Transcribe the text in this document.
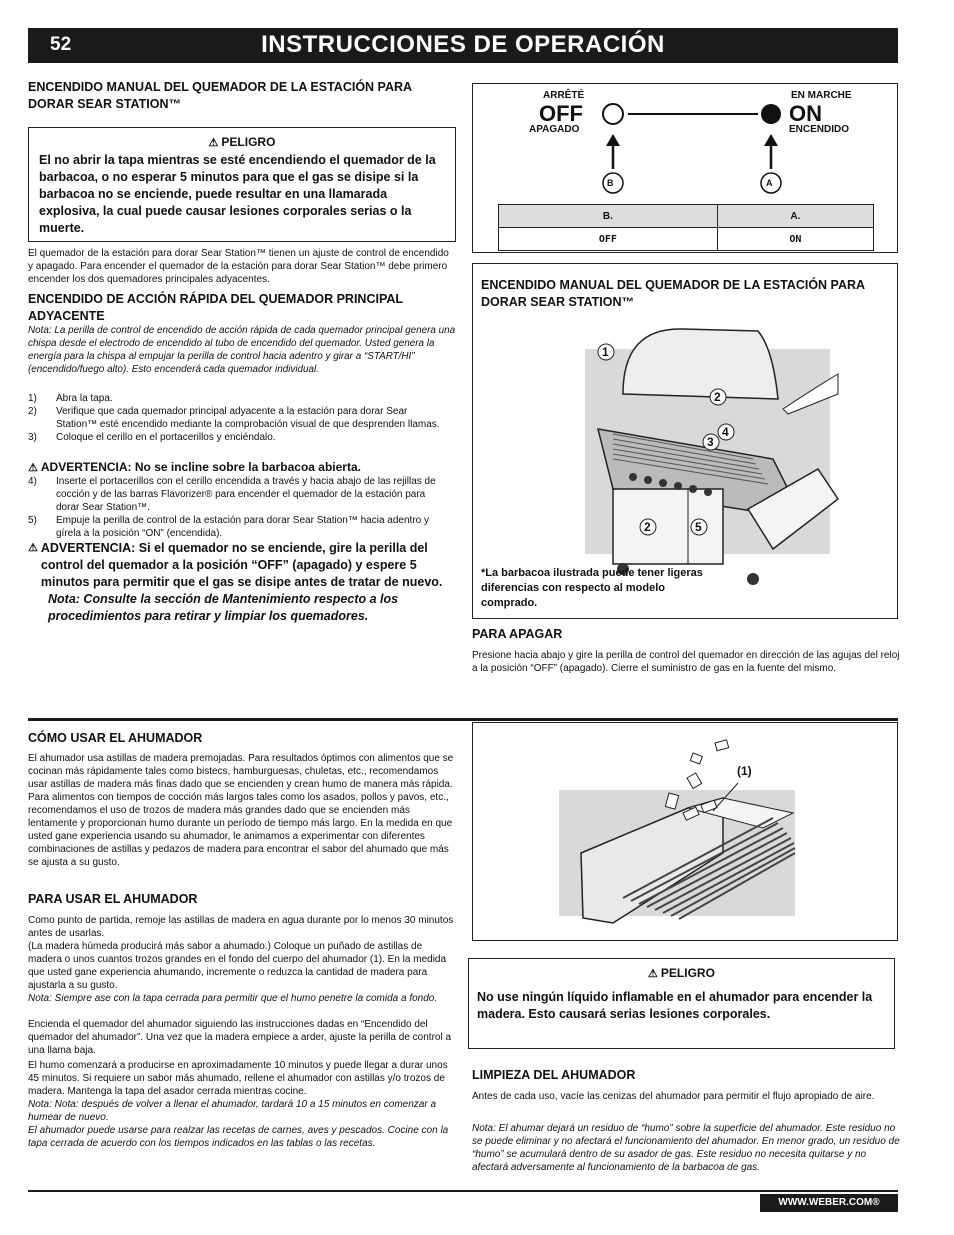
52	INSTRUCCIONES DE OPERACIÓN
ENCENDIDO MANUAL DEL QUEMADOR DE LA ESTACIÓN PARA DORAR SEAR STATION™
⚠ PELIGRO
El no abrir la tapa mientras se esté encendiendo el quemador de la barbacoa, o no esperar 5 minutos para que el gas se disipe si la barbacoa no se enciende, puede resultar en una llamarada explosiva, la cual puede causar lesiones corporales serias o la muerte.
El quemador de la estación para dorar Sear Station™ tienen un ajuste de control de encendido y apagado. Para encender el quemador de la estación para dorar Sear Station™ debe primero encender los dos quemadores principales adyacentes.
ENCENDIDO DE ACCIÓN RÁPIDA DEL QUEMADOR PRINCIPAL ADYACENTE
Nota: La perilla de control de encendido de acción rápida de cada quemador principal genera una chispa desde el electrodo de encendido al tubo de encendido del quemador. Usted genera la energía para la chispa al empujar la perilla de control hacia adentro y girar a “START/HI” (encendido/fuego alto). Esto encenderá cada quemador individual.
1)	Abra la tapa.
2)	Verifique que cada quemador principal adyacente a la estación para dorar Sear Station™ esté encendido mediante la comprobación visual de que desprenden llamas.
3)	Coloque el cerillo en el portacerillos y enciéndalo.
⚠ ADVERTENCIA: No se incline sobre la barbacoa abierta.
4)	Inserte el portacerillos con el cerillo encendida a través y hacia abajo de las rejillas de cocción y de las barras Flavorizer® para encender el quemador de la estación para dorar Sear Station™.
5)	Empuje la perilla de control de la estación para dorar Sear Station™ hacia adentro y gírela a la posición “ON” (encendida).
⚠ ADVERTENCIA: Si el quemador no se enciende, gire la perilla del control del quemador a la posición “OFF” (apagado) y espere 5 minutos para permitir que el gas se disipe antes de tratar de nuevo.
Nota: Consulte la sección de Mantenimiento respecto a los procedimientos para retirar y limpiar los quemadores.
ARRÊTÉ
OFF
APAGADO
EN MARCHE
ON
ENCENDIDO
B	A
B.	A.
OFF	ON
ENCENDIDO MANUAL DEL QUEMADOR DE LA ESTACIÓN PARA DORAR SEAR STATION™
1
2
3
4
2	5
*La barbacoa ilustrada puede tener ligeras diferencias con respecto al modelo comprado.
PARA APAGAR
Presione hacia abajo y gire la perilla de control del quemador en dirección de las agujas del reloj a la posición “OFF” (apagado). Cierre el suministro de gas en la fuente del mismo.
CÓMO USAR EL AHUMADOR
El ahumador usa astillas de madera premojadas. Para resultados óptimos con alimentos que se cocinan más rápidamente tales como bistecs, hamburguesas, chuletas, etc., recomendamos usar astillas de madera más finas dado que se encienden y crean humo de manera más rápida. Para alimentos con tiempos de cocción más largos tales como los asados, pollos y pavos, etc., recomendamos el uso de trozos de madera más grandes dado que se encienden más lentamente y proporcionan humo durante un período de tiempo más largo. En la medida en que usted gane experiencia usando su ahumador, le animamos a experimentar con diferentes combinaciones de astillas y pedazos de madera para encontrar el sabor del ahumado que más se ajusta a su gusto.
PARA USAR EL AHUMADOR
Como punto de partida, remoje las astillas de madera en agua durante por lo menos 30 minutos antes de usarlas.
(La madera húmeda producirá más sabor a ahumado.) Coloque un puñado de astillas de madera o unos cuantos trozos grandes en el fondo del cuerpo del ahumador (1). En la medida que usted gane experiencia ahumando, incremente o reduzca la cantidad de madera para ajustarla a su gusto.
Nota: Siempre ase con la tapa cerrada para permitir que el humo penetre la comida a fondo.
Encienda el quemador del ahumador siguiendo las instrucciones dadas en “Encendido del quemador del ahumador”. Una vez que la madera empiece a arder, ajuste la perilla de control a una llama baja.
El humo comenzará a producirse en aproximadamente 10 minutos y puede llegar a durar unos 45 minutos. Si requiere un sabor más ahumado, rellene el ahumador con astillas y/o trozos de madera. Mantenga la tapa del asador cerrada mientras cocine.
Nota: Nota: después de volver a llenar el ahumador, tardará 10 a 15 minutos en comenzar a humear de nuevo.
El ahumador puede usarse para realzar las recetas de carnes, aves y pescados. Cocine con la tapa cerrada de acuerdo con los tiempos indicados en las tablas o las recetas.
(1)
⚠ PELIGRO
No use ningún líquido inflamable en el ahumador para encender la madera. Esto causará serias lesiones corporales.
LIMPIEZA DEL AHUMADOR
Antes de cada uso, vacíe las cenizas del ahumador para permitir el flujo apropiado de aire.
Nota: El ahumar dejará un residuo de “humo” sobre la superficie del ahumador. Este residuo no se puede eliminar y no afectará el funcionamiento del ahumador. En menor grado, un residuo de “humo” se acumulará dentro de su asador de gas. Este residuo no necesita quitarse y no afectará adversamente al funcionamiento de la barbacoa de gas.
WWW.WEBER.COM®
